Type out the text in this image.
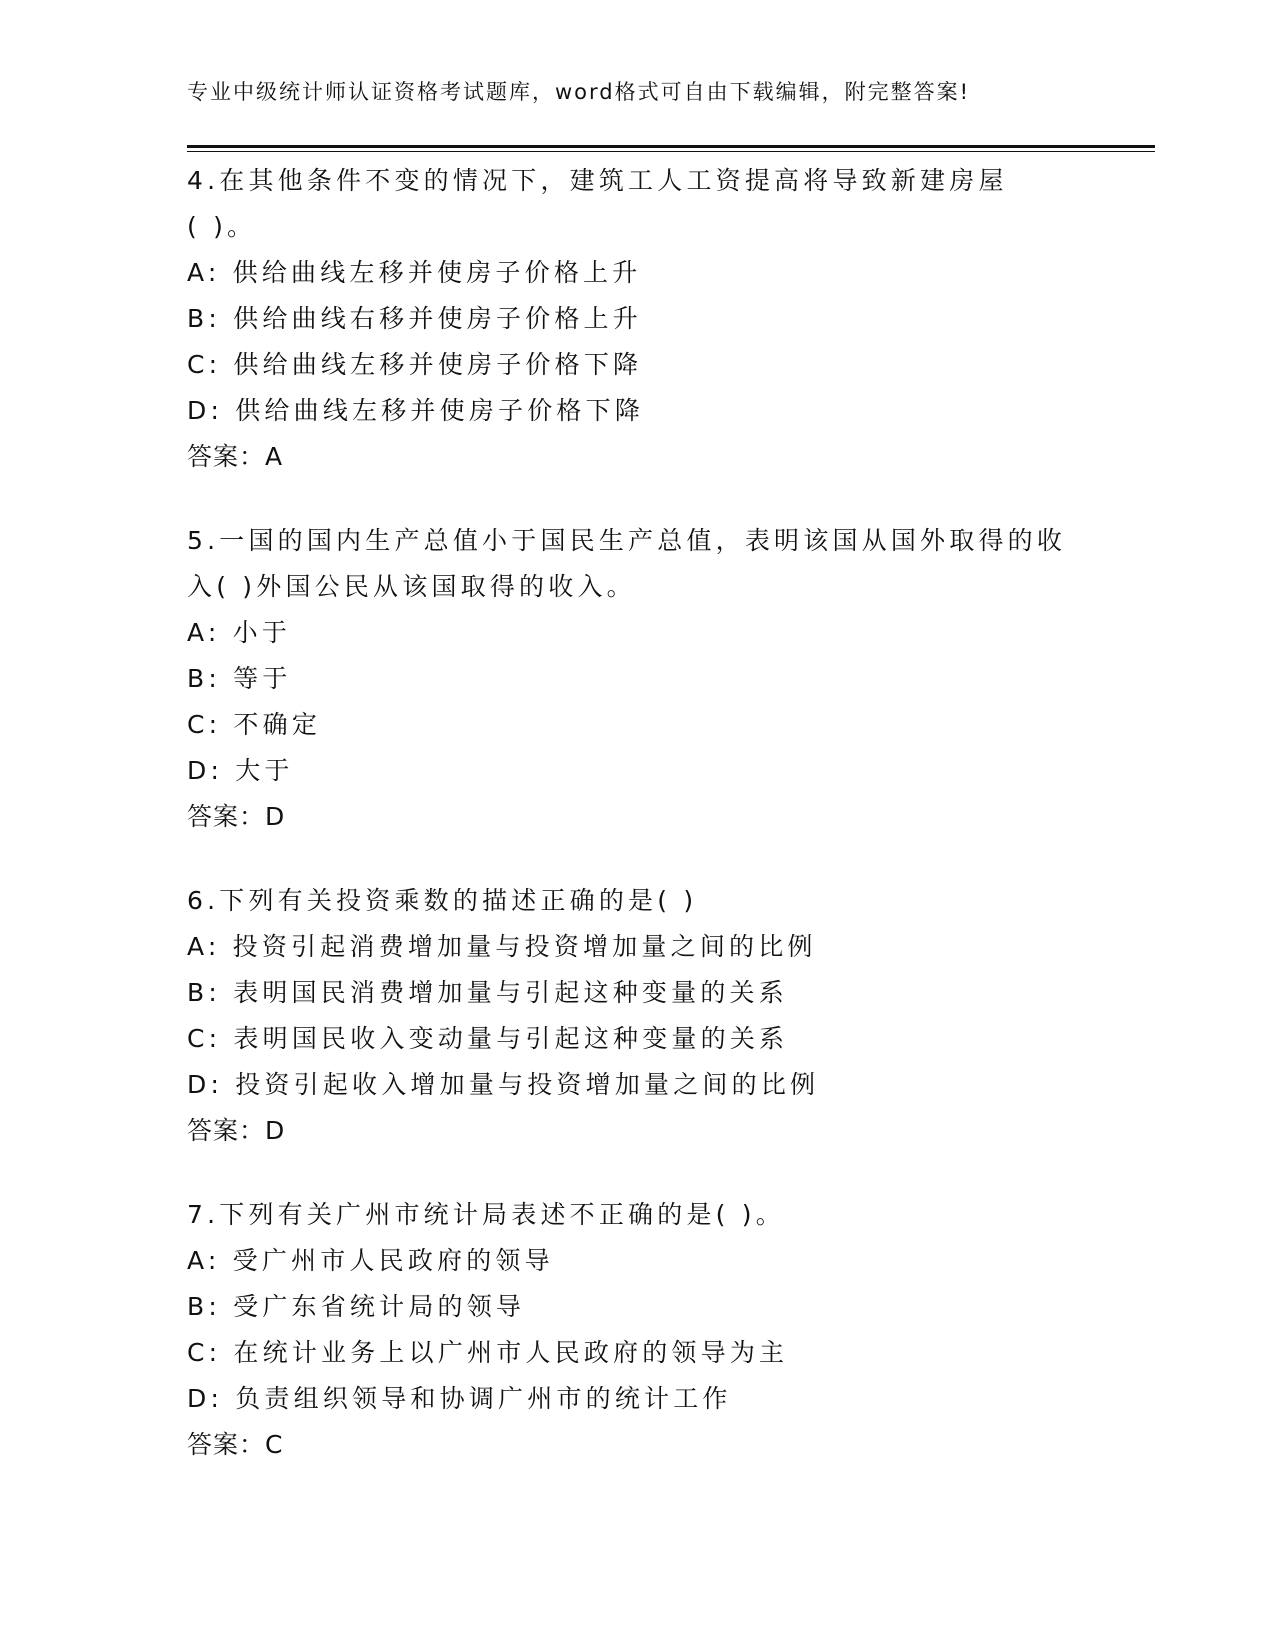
专业中级统计师认证资格考试题库，word格式可自由下载编辑，附完整答案!
4.在其他条件不变的情况下，建筑工人工资提高将导致新建房屋
( )。
A: 供给曲线左移并使房子价格上升
B: 供给曲线右移并使房子价格上升
C: 供给曲线左移并使房子价格下降
D: 供给曲线左移并使房子价格下降
答案：A
5.一国的国内生产总值小于国民生产总值，表明该国从国外取得的收
入( )外国公民从该国取得的收入。
A: 小于
B: 等于
C: 不确定
D: 大于
答案：D
6.下列有关投资乘数的描述正确的是( )
A: 投资引起消费增加量与投资增加量之间的比例
B: 表明国民消费增加量与引起这种变量的关系
C: 表明国民收入变动量与引起这种变量的关系
D: 投资引起收入增加量与投资增加量之间的比例
答案：D
7.下列有关广州市统计局表述不正确的是( )。
A: 受广州市人民政府的领导
B: 受广东省统计局的领导
C: 在统计业务上以广州市人民政府的领导为主
D: 负责组织领导和协调广州市的统计工作
答案：C
